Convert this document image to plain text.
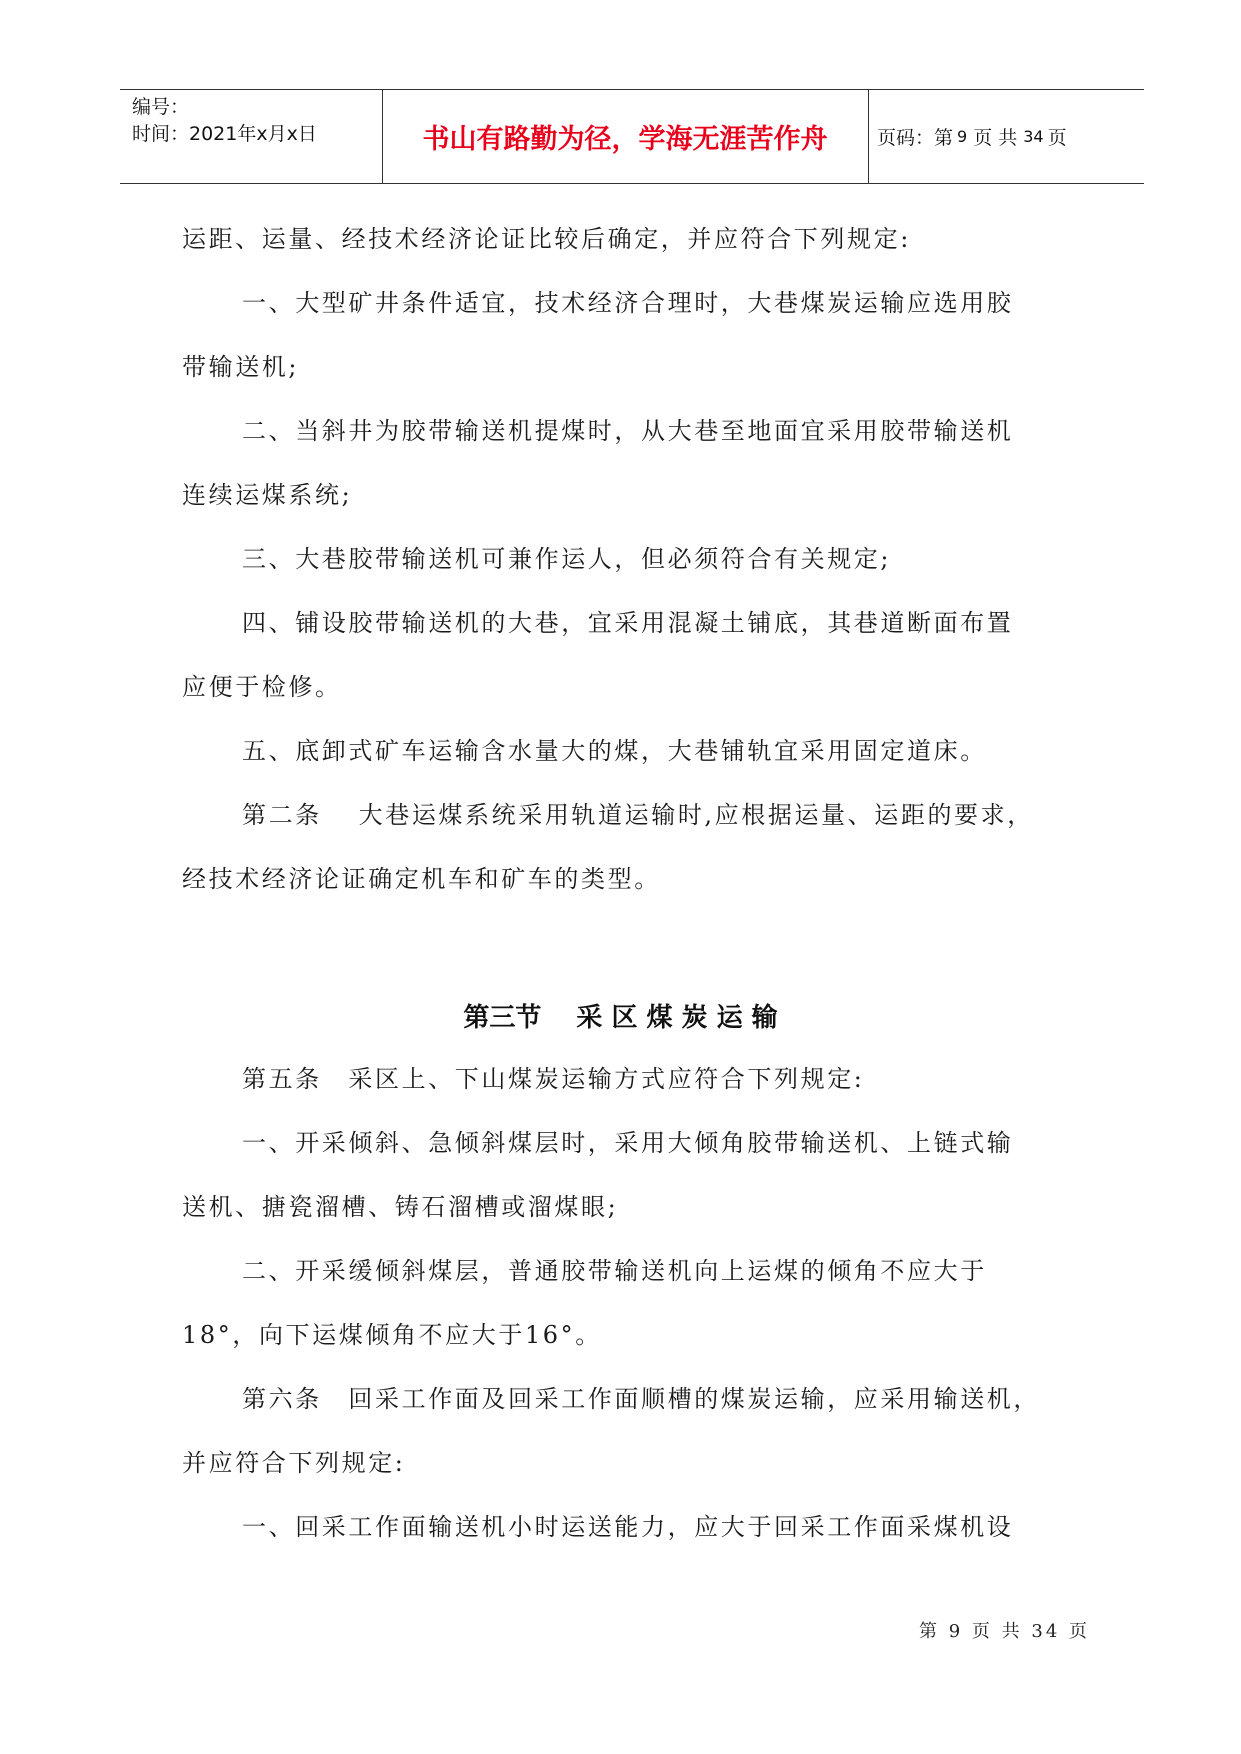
编号：
时间：2021年x月x日	书山有路勤为径，学海无涯苦作舟	页码：第 9 页 共 34 页

运距、运量、经技术经济论证比较后确定，并应符合下列规定:

一、大型矿井条件适宜，技术经济合理时，大巷煤炭运输应选用胶

带输送机;

二、当斜井为胶带输送机提煤时，从大巷至地面宜采用胶带输送机

连续运煤系统;

三、大巷胶带输送机可兼作运人，但必须符合有关规定;

四、铺设胶带输送机的大巷，宜采用混凝土铺底，其巷道断面布置

应便于检修。

五、底卸式矿车运输含水量大的煤，大巷铺轨宜采用固定道床。

第二条　 大巷运煤系统采用轨道运输时,应根据运量、运距的要求，

经技术经济论证确定机车和矿车的类型。

第三节　 采 区 煤 炭 运 输

第五条　采区上、下山煤炭运输方式应符合下列规定:

一、开采倾斜、急倾斜煤层时，采用大倾角胶带输送机、上链式输

送机、搪瓷溜槽、铸石溜槽或溜煤眼;

二、开采缓倾斜煤层，普通胶带输送机向上运煤的倾角不应大于

18°，向下运煤倾角不应大于16°。

第六条　回采工作面及回采工作面顺槽的煤炭运输，应采用输送机，

并应符合下列规定:

一、回采工作面输送机小时运送能力，应大于回采工作面采煤机设

第 9 页 共 34 页
